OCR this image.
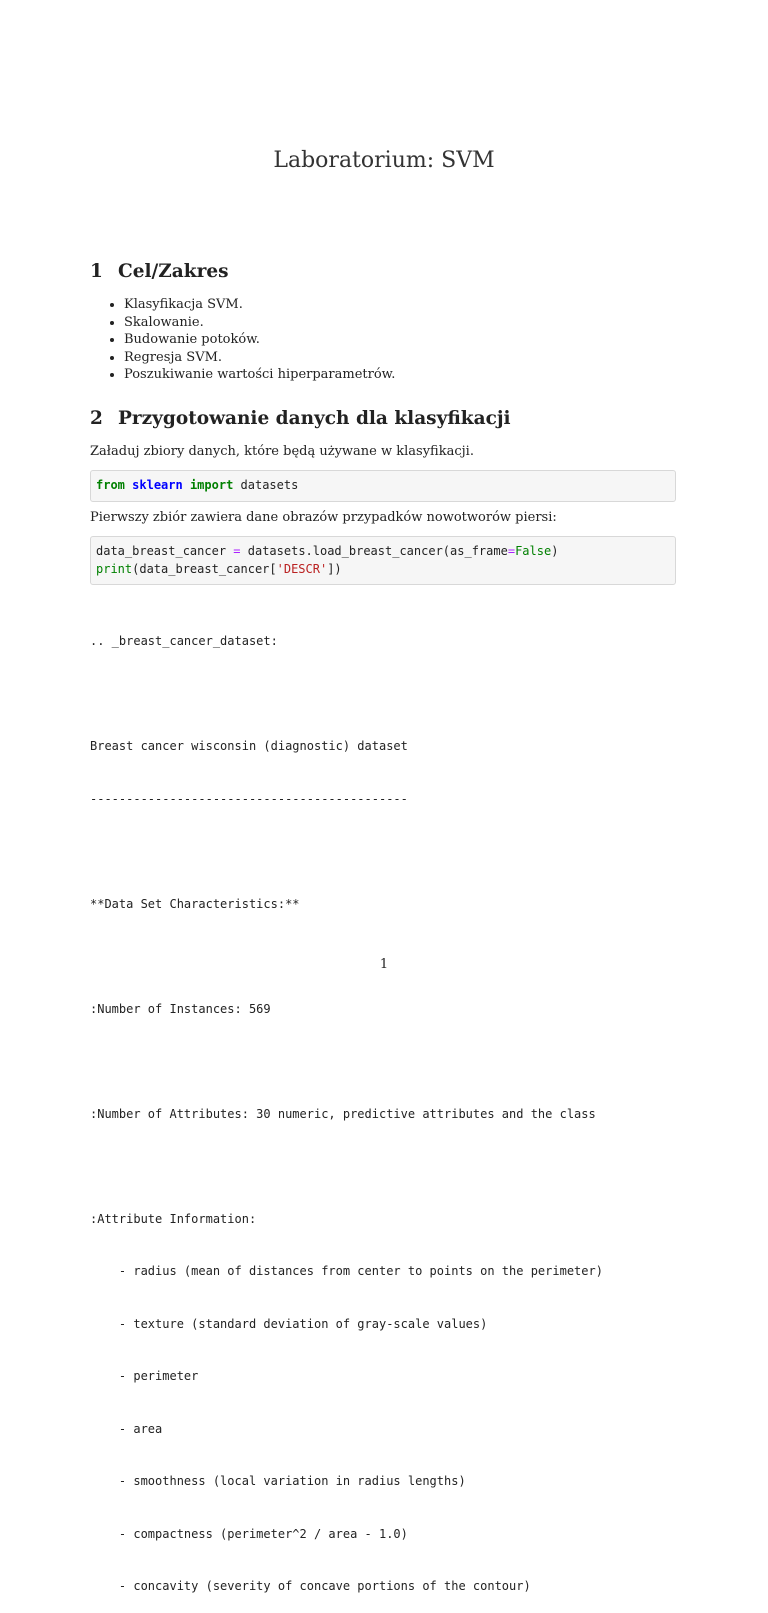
Laboratorium: SVM
1 Cel/Zakres
• Klasyfikacja SVM.
• Skalowanie.
• Budowanie potoków.
• Regresja SVM.
• Poszukiwanie wartości hiperparametrów.
2 Przygotowanie danych dla klasyfikacji
Załaduj zbiory danych, które będą używane w klasyfikacji.
from sklearn import datasets
Pierwszy zbiór zawiera dane obrazów przypadków nowotworów piersi:
data_breast_cancer = datasets.load_breast_cancer(as_frame=False)
print(data_breast_cancer['DESCR'])

.. _breast_cancer_dataset:

Breast cancer wisconsin (diagnostic) dataset

--------------------------------------------

**Data Set Characteristics:**

:Number of Instances: 569

:Number of Attributes: 30 numeric, predictive attributes and the class

:Attribute Information:

- radius (mean of distances from center to points on the perimeter)

- texture (standard deviation of gray-scale values)

- perimeter

- area

- smoothness (local variation in radius lengths)

- compactness (perimeter^2 / area - 1.0)

- concavity (severity of concave portions of the contour)

1
